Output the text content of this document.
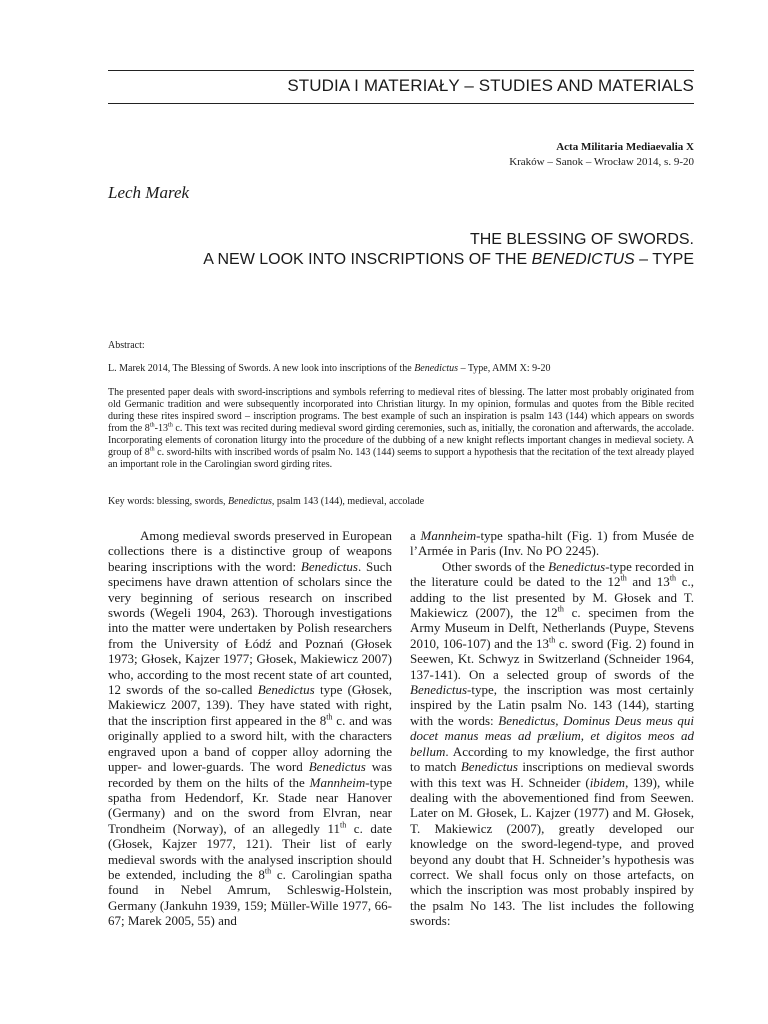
STUDIA I MATERIAŁY – STUDIES AND MATERIALS
Acta Militaria Mediaevalia X
Kraków – Sanok – Wrocław 2014, s. 9-20
Lech Marek
THE BLESSING OF SWORDS.
A NEW LOOK INTO INSCRIPTIONS OF THE BENEDICTUS – TYPE
Abstract:
L. Marek 2014, The Blessing of Swords. A new look into inscriptions of the Benedictus – Type, AMM X: 9-20
The presented paper deals with sword-inscriptions and symbols referring to medieval rites of blessing. The latter most probably originated from old Germanic tradition and were subsequently incorporated into Christian liturgy. In my opinion, formulas and quotes from the Bible recited during these rites inspired sword – inscription programs. The best example of such an inspiration is psalm 143 (144) which appears on swords from the 8th-13th c. This text was recited during medieval sword girding ceremonies, such as, initially, the coronation and afterwards, the accolade. Incorporating elements of coronation liturgy into the procedure of the dubbing of a new knight reflects important changes in medieval society. A group of 8th c. sword-hilts with inscribed words of psalm No. 143 (144) seems to support a hypothesis that the recitation of the text already played an important role in the Carolingian sword girding rites.
Key words: blessing, swords, Benedictus, psalm 143 (144), medieval, accolade

Among medieval swords preserved in European collections there is a distinctive group of weapons bearing inscriptions with the word: Benedictus. Such specimens have drawn attention of scholars since the very beginning of serious research on inscribed swords (Wegeli 1904, 263). Thorough investigations into the matter were undertaken by Polish researchers from the University of Łódź and Poznań (Głosek 1973; Głosek, Kajzer 1977; Głosek, Makiewicz 2007) who, according to the most recent state of art counted, 12 swords of the so-called Benedictus type (Głosek, Makiewicz 2007, 139). They have stated with right, that the inscription first appeared in the 8th c. and was originally applied to a sword hilt, with the characters engraved upon a band of copper alloy adorning the upper- and lower-guards. The word Benedictus was recorded by them on the hilts of the Mannheim-type spatha from Hedendorf, Kr. Stade near Hanover (Germany) and on the sword from Elvran, near Trondheim (Norway), of an allegedly 11th c. date (Głosek, Kajzer 1977, 121). Their list of early medieval swords with the analysed inscription should be extended, including the 8th c. Carolingian spatha found in Nebel Amrum, Schleswig-Holstein, Germany (Jankuhn 1939, 159; Müller-Wille 1977, 66-67; Marek 2005, 55) and

a Mannheim-type spatha-hilt (Fig. 1) from Musée de l’Armée in Paris (Inv. No PO 2245).

Other swords of the Benedictus-type recorded in the literature could be dated to the 12th and 13th c., adding to the list presented by M. Głosek and T. Makiewicz (2007), the 12th c. specimen from the Army Museum in Delft, Netherlands (Puype, Stevens 2010, 106-107) and the 13th c. sword (Fig. 2) found in Seewen, Kt. Schwyz in Switzerland (Schneider 1964, 137-141). On a selected group of swords of the Benedictus-type, the inscription was most certainly inspired by the Latin psalm No. 143 (144), starting with the words: Benedictus, Dominus Deus meus qui docet manus meas ad prælium, et digitos meos ad bellum. According to my knowledge, the first author to match Benedictus inscriptions on medieval swords with this text was H. Schneider (ibidem, 139), while dealing with the abovementioned find from Seewen. Later on M. Głosek, L. Kajzer (1977) and M. Głosek, T. Makiewicz (2007), greatly developed our knowledge on the sword-legend-type, and proved beyond any doubt that H. Schneider’s hypothesis was correct. We shall focus only on those artefacts, on which the inscription was most probably inspired by the psalm No 143. The list includes the following swords:
